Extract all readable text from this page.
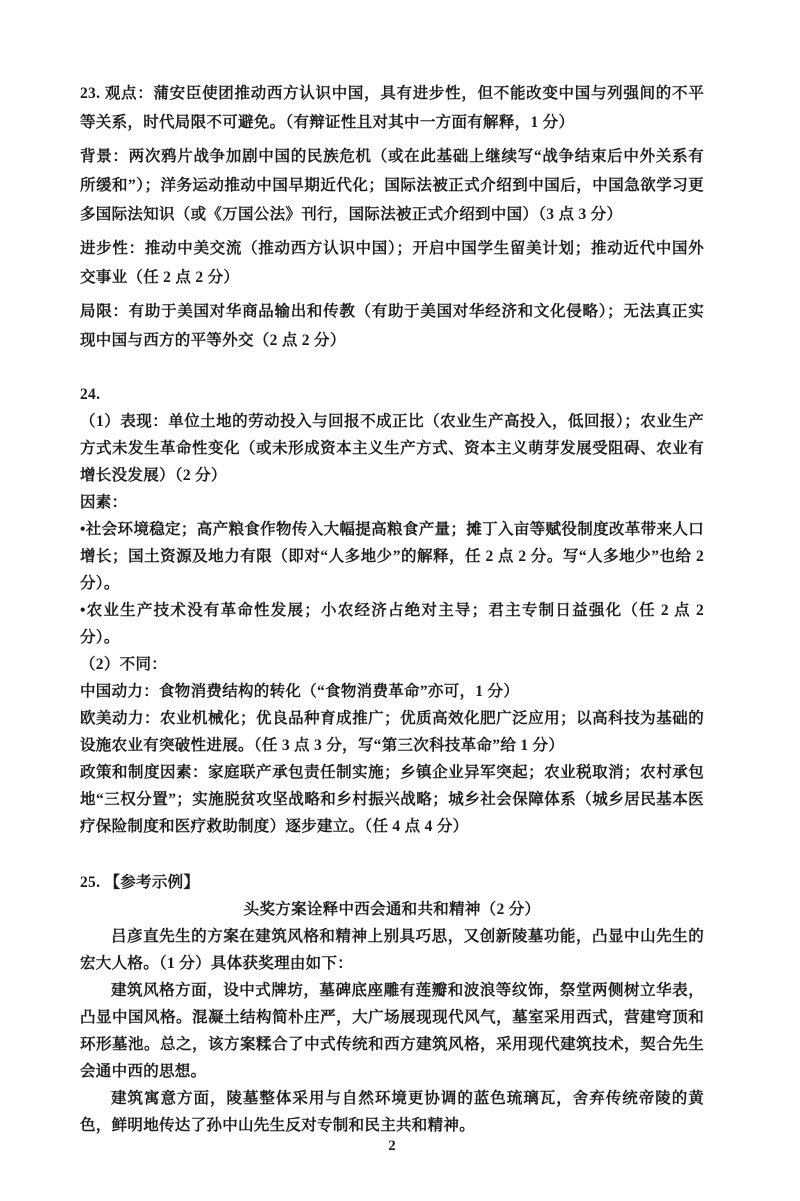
23. 观点：蒲安臣使团推动西方认识中国，具有进步性，但不能改变中国与列强间的不平等关系，时代局限不可避免。（有辩证性且对其中一方面有解释，1 分）

背景：两次鸦片战争加剧中国的民族危机（或在此基础上继续写“战争结束后中外关系有所缓和”）；洋务运动推动中国早期近代化；国际法被正式介绍到中国后，中国急欲学习更多国际法知识（或《万国公法》刊行，国际法被正式介绍到中国）（3 点 3 分）

进步性：推动中美交流（推动西方认识中国）；开启中国学生留美计划；推动近代中国外交事业（任 2 点 2 分）

局限：有助于美国对华商品输出和传教（有助于美国对华经济和文化侵略）；无法真正实现中国与西方的平等外交（2 点 2 分）

24.

（1）表现：单位土地的劳动投入与回报不成正比（农业生产高投入，低回报）；农业生产方式未发生革命性变化（或未形成资本主义生产方式、资本主义萌芽发展受阻碍、农业有增长没发展）（2 分）

因素：

•社会环境稳定；高产粮食作物传入大幅提高粮食产量；摊丁入亩等赋役制度改革带来人口增长；国土资源及地力有限（即对“人多地少”的解释，任 2 点 2 分。写“人多地少”也给 2 分）。

•农业生产技术没有革命性发展；小农经济占绝对主导；君主专制日益强化（任 2 点 2 分）。

（2）不同：

中国动力：食物消费结构的转化（“食物消费革命”亦可，1 分）

欧美动力：农业机械化；优良品种育成推广；优质高效化肥广泛应用；以高科技为基础的设施农业有突破性进展。（任 3 点 3 分，写“第三次科技革命”给 1 分）

政策和制度因素：家庭联产承包责任制实施；乡镇企业异军突起；农业税取消；农村承包地“三权分置”；实施脱贫攻坚战略和乡村振兴战略；城乡社会保障体系（城乡居民基本医疗保险制度和医疗救助制度）逐步建立。（任 4 点 4 分）

25. 【参考示例】

头奖方案诠释中西会通和共和精神（2 分）

吕彦直先生的方案在建筑风格和精神上别具巧思，又创新陵墓功能，凸显中山先生的宏大人格。（1 分）具体获奖理由如下：

建筑风格方面，设中式牌坊，墓碑底座雕有莲瓣和波浪等纹饰，祭堂两侧树立华表，凸显中国风格。混凝土结构简朴庄严，大广场展现现代风气，墓室采用西式，营建穹顶和环形墓池。总之，该方案糅合了中式传统和西方建筑风格，采用现代建筑技术，契合先生会通中西的思想。

建筑寓意方面，陵墓整体采用与自然环境更协调的蓝色琉璃瓦，舍弃传统帝陵的黄色，鲜明地传达了孙中山先生反对专制和民主共和精神。

2
